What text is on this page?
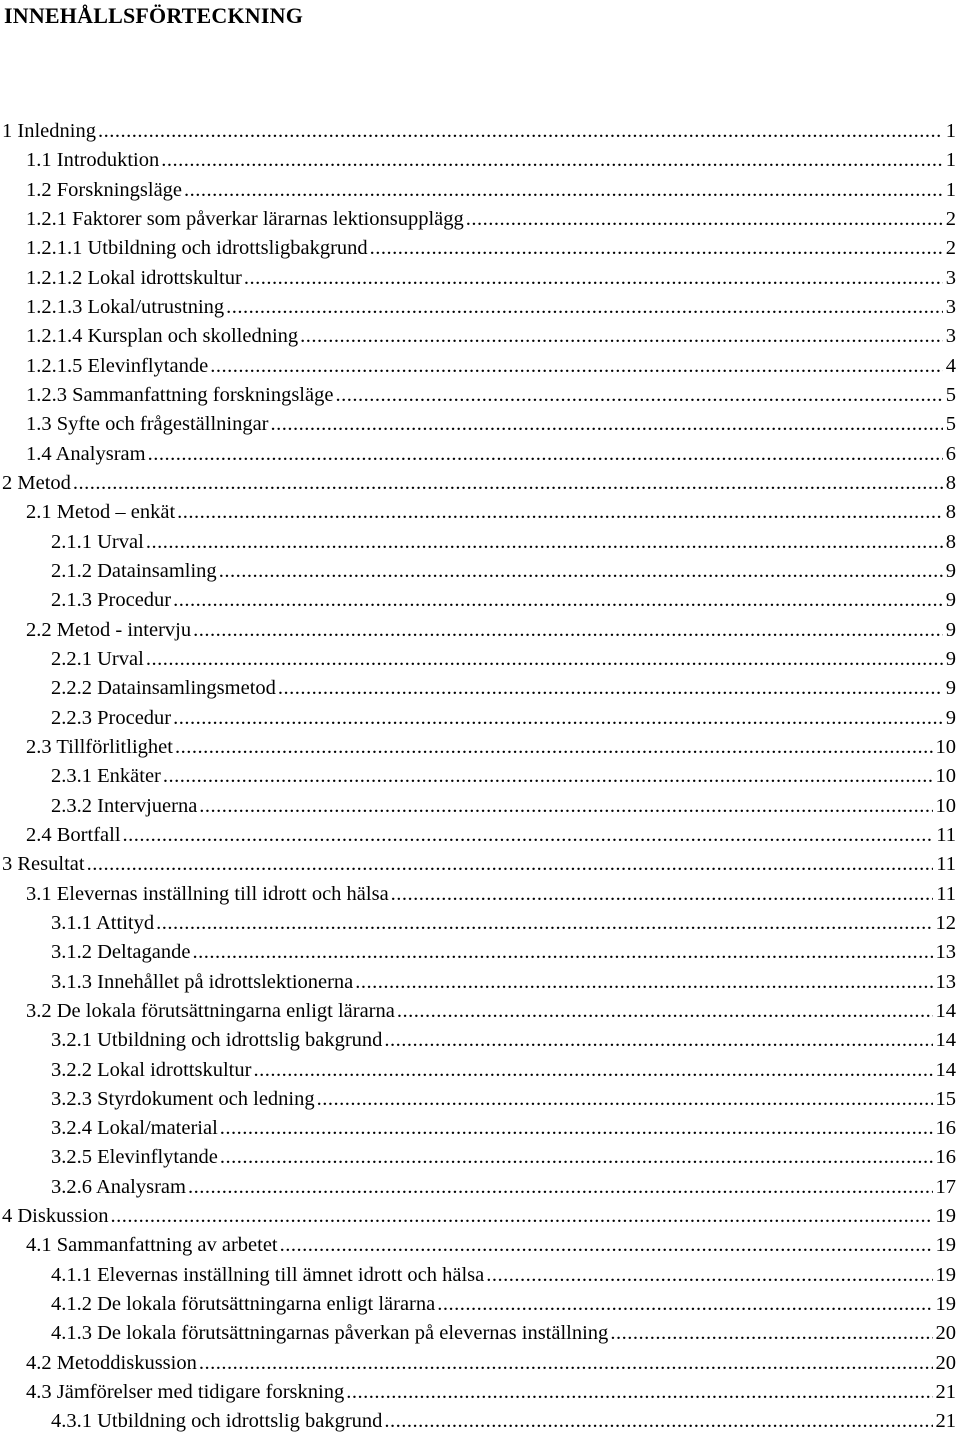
INNEHÅLLSFÖRTECKNING
1 Inledning .....	1
1.1 Introduktion .....	1
1.2 Forskningsläge .....	1
1.2.1 Faktorer som påverkar lärarnas lektionsupplägg .....	2
1.2.1.1 Utbildning och idrottsligbakgrund .....	2
1.2.1.2 Lokal idrottskultur .....	3
1.2.1.3 Lokal/utrustning .....	3
1.2.1.4 Kursplan och skolledning .....	3
1.2.1.5 Elevinflytande .....	4
1.2.3 Sammanfattning forskningsläge .....	5
1.3 Syfte och frågeställningar .....	5
1.4 Analysram .....	6
2 Metod .....	8
2.1 Metod – enkät .....	8
2.1.1 Urval .....	8
2.1.2 Datainsamling .....	9
2.1.3 Procedur .....	9
2.2 Metod - intervju .....	9
2.2.1 Urval .....	9
2.2.2 Datainsamlingsmetod .....	9
2.2.3 Procedur .....	9
2.3 Tillförlitlighet .....	10
2.3.1 Enkäter .....	10
2.3.2 Intervjuerna .....	10
2.4 Bortfall .....	11
3 Resultat .....	11
3.1 Elevernas inställning till idrott och hälsa .....	11
3.1.1 Attityd .....	12
3.1.2 Deltagande .....	13
3.1.3 Innehållet på idrottslektionerna .....	13
3.2 De lokala förutsättningarna enligt lärarna .....	14
3.2.1 Utbildning och idrottslig bakgrund .....	14
3.2.2 Lokal idrottskultur .....	14
3.2.3 Styrdokument och ledning .....	15
3.2.4 Lokal/material .....	16
3.2.5 Elevinflytande .....	16
3.2.6 Analysram .....	17
4 Diskussion .....	19
4.1 Sammanfattning av arbetet .....	19
4.1.1 Elevernas inställning till ämnet idrott och hälsa .....	19
4.1.2 De lokala förutsättningarna enligt lärarna .....	19
4.1.3 De lokala förutsättningarnas påverkan på elevernas inställning .....	20
4.2 Metoddiskussion .....	20
4.3 Jämförelser med tidigare forskning .....	21
4.3.1 Utbildning och idrottslig bakgrund .....	21
